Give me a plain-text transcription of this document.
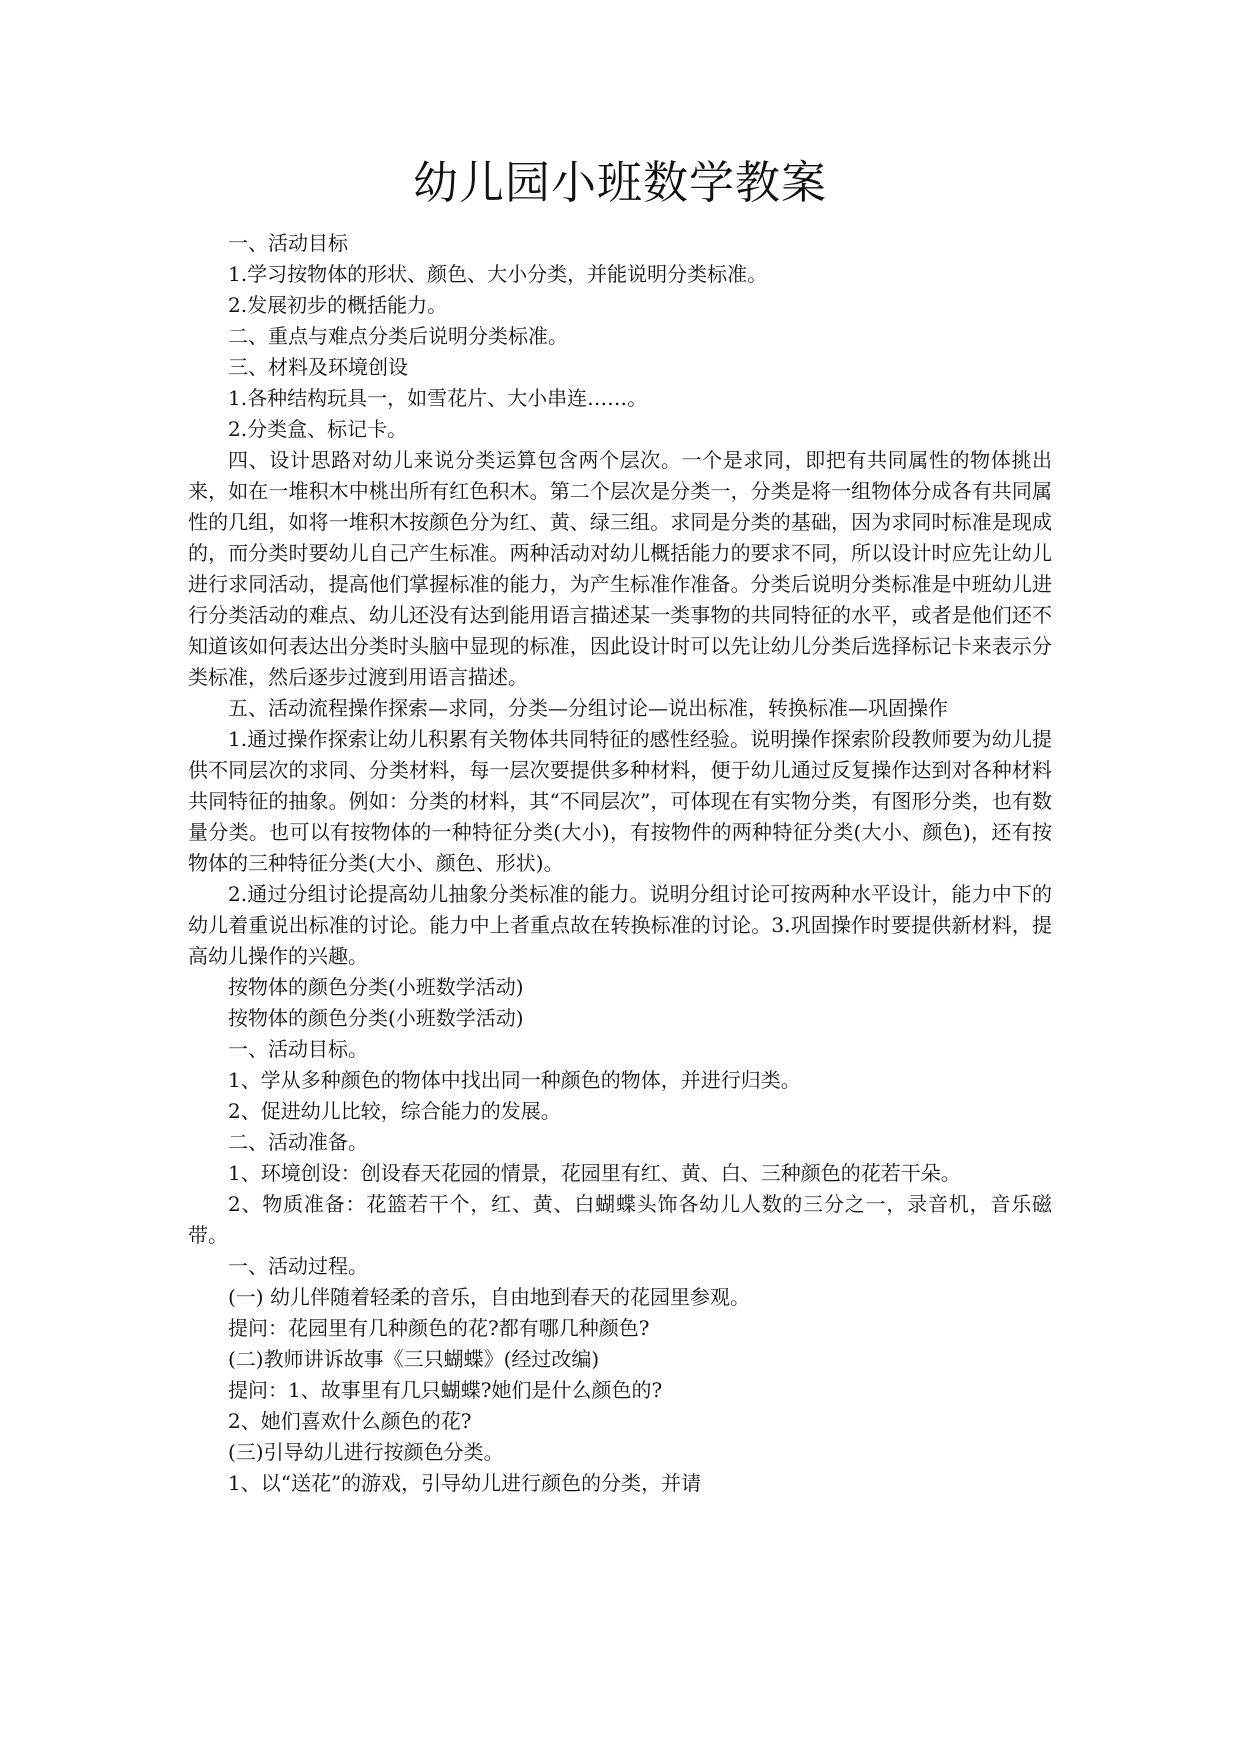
幼儿园小班数学教案

一、活动目标

1.学习按物体的形状、颜色、大小分类，并能说明分类标准。

2.发展初步的概括能力。

二、重点与难点分类后说明分类标准。

三、材料及环境创设

1.各种结构玩具一，如雪花片、大小串连……。

2.分类盒、标记卡。

四、设计思路对幼儿来说分类运算包含两个层次。一个是求同，即把有共同属性的物体挑出来，如在一堆积木中桃出所有红色积木。第二个层次是分类一，分类是将一组物体分成各有共同属性的几组，如将一堆积木按颜色分为红、黄、绿三组。求同是分类的基础，因为求同时标准是现成的，而分类时要幼儿自己产生标准。两种活动对幼儿概括能力的要求不同，所以设计时应先让幼儿进行求同活动，提高他们掌握标准的能力，为产生标准作准备。分类后说明分类标准是中班幼儿进行分类活动的难点、幼儿还没有达到能用语言描述某一类事物的共同特征的水平，或者是他们还不知道该如何表达出分类时头脑中显现的标准，因此设计时可以先让幼儿分类后选择标记卡来表示分类标准，然后逐步过渡到用语言描述。

五、活动流程操作探索—求同，分类—分组讨论—说出标准，转换标准—巩固操作

1.通过操作探索让幼儿积累有关物体共同特征的感性经验。说明操作探索阶段教师要为幼儿提供不同层次的求同、分类材料，每一层次要提供多种材料，便于幼儿通过反复操作达到对各种材料共同特征的抽象。例如：分类的材料，其“不同层次”，可体现在有实物分类，有图形分类，也有数量分类。也可以有按物体的一种特征分类(大小)，有按物件的两种特征分类(大小、颜色)，还有按物体的三种特征分类(大小、颜色、形状)。

2.通过分组讨论提高幼儿抽象分类标准的能力。说明分组讨论可按两种水平设计，能力中下的幼儿着重说出标准的讨论。能力中上者重点故在转换标准的讨论。3.巩固操作时要提供新材料，提高幼儿操作的兴趣。

按物体的颜色分类(小班数学活动)

按物体的颜色分类(小班数学活动)

一、活动目标。

1、学从多种颜色的物体中找出同一种颜色的物体，并进行归类。

2、促进幼儿比较，综合能力的发展。

二、活动准备。

1、环境创设：创设春天花园的情景，花园里有红、黄、白、三种颜色的花若干朵。

2、物质准备：花篮若干个，红、黄、白蝴蝶头饰各幼儿人数的三分之一，录音机，音乐磁带。

一、活动过程。

(一) 幼儿伴随着轻柔的音乐，自由地到春天的花园里参观。

提问：花园里有几种颜色的花?都有哪几种颜色?

(二)教师讲诉故事《三只蝴蝶》(经过改编)

提问：1、故事里有几只蝴蝶?她们是什么颜色的?

2、她们喜欢什么颜色的花?

(三)引导幼儿进行按颜色分类。

1、以“送花”的游戏，引导幼儿进行颜色的分类，并请
